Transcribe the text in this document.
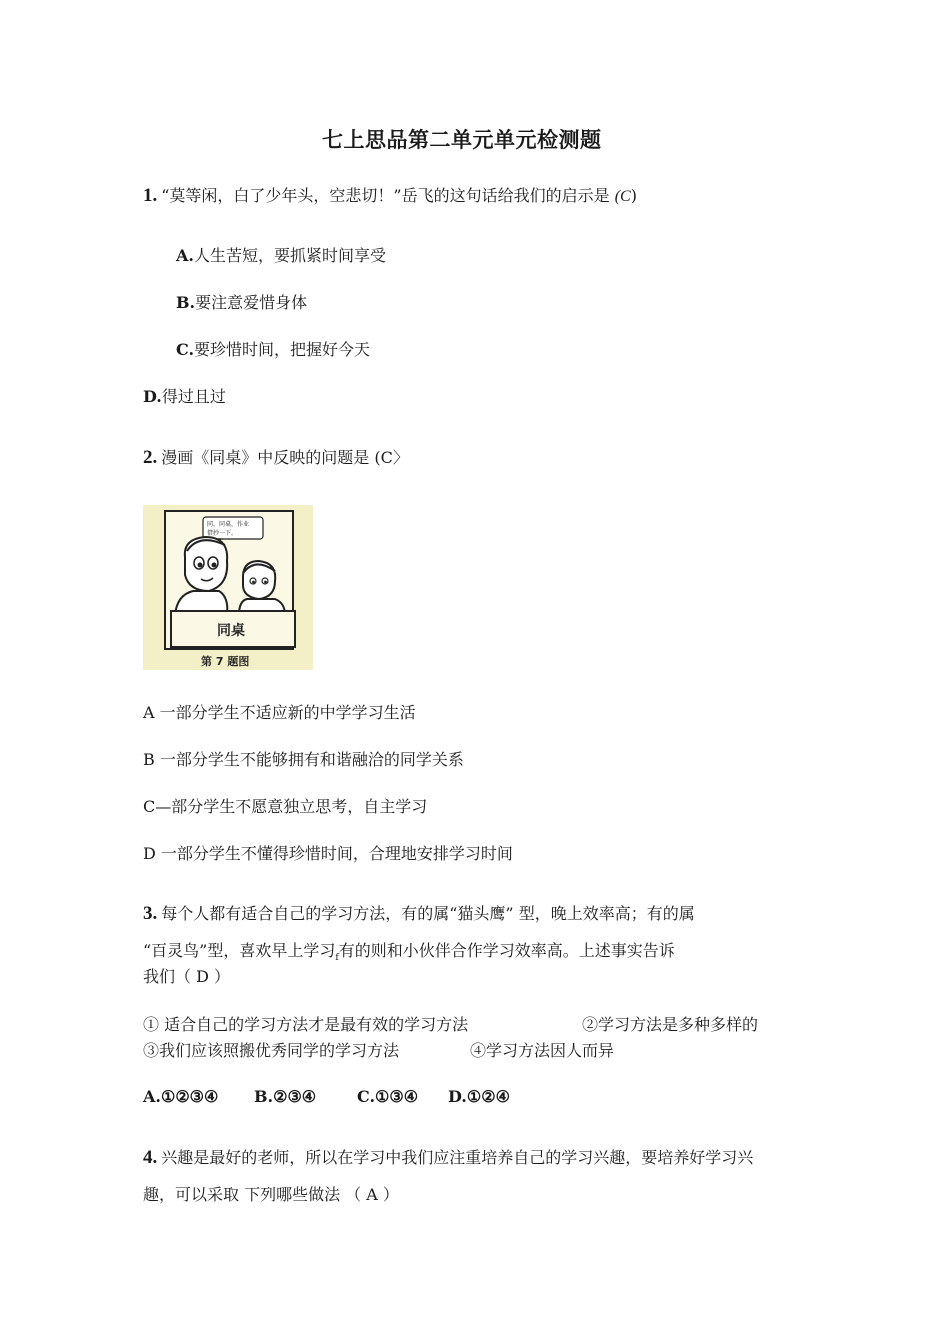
七上思品第二单元单元检测题
1. “莫等闲，白了少年头，空悲切！”岳飞的这句话给我们的启示是 (C)
A.人生苦短，要抓紧时间享受
B.要注意爱惜身体
C.要珍惜时间，把握好今天
D.得过且过
2. 漫画《同桌》中反映的问题是 (C〉
同，同桌，作业
借抄一下。
同桌
第 7 题图
A 一部分学生不适应新的中学学习生活
B 一部分学生不能够拥有和谐融洽的同学关系
C—部分学生不愿意独立思考，自主学习
D 一部分学生不懂得珍惜时间，合理地安排学习时间
3. 每个人都有适合自己的学习方法，有的属“猫头鹰” 型，晚上效率高；有的属
“百灵鸟”型，喜欢早上学习$_f$有的则和小伙伴合作学习效率高。上述事实告诉
我们（ D ）
① 适合自己的学习方法才是最有效的学习方法	②学习方法是多种多样的
③我们应该照搬优秀同学的学习方法	④学习方法因人而异
A.①②③④ B.②③④	C.①③④ D.①②④
4. 兴趣是最好的老师，所以在学习中我们应注重培养自己的学习兴趣，要培养好学习兴
趣，可以采取 下列哪些做法 （ A ）
